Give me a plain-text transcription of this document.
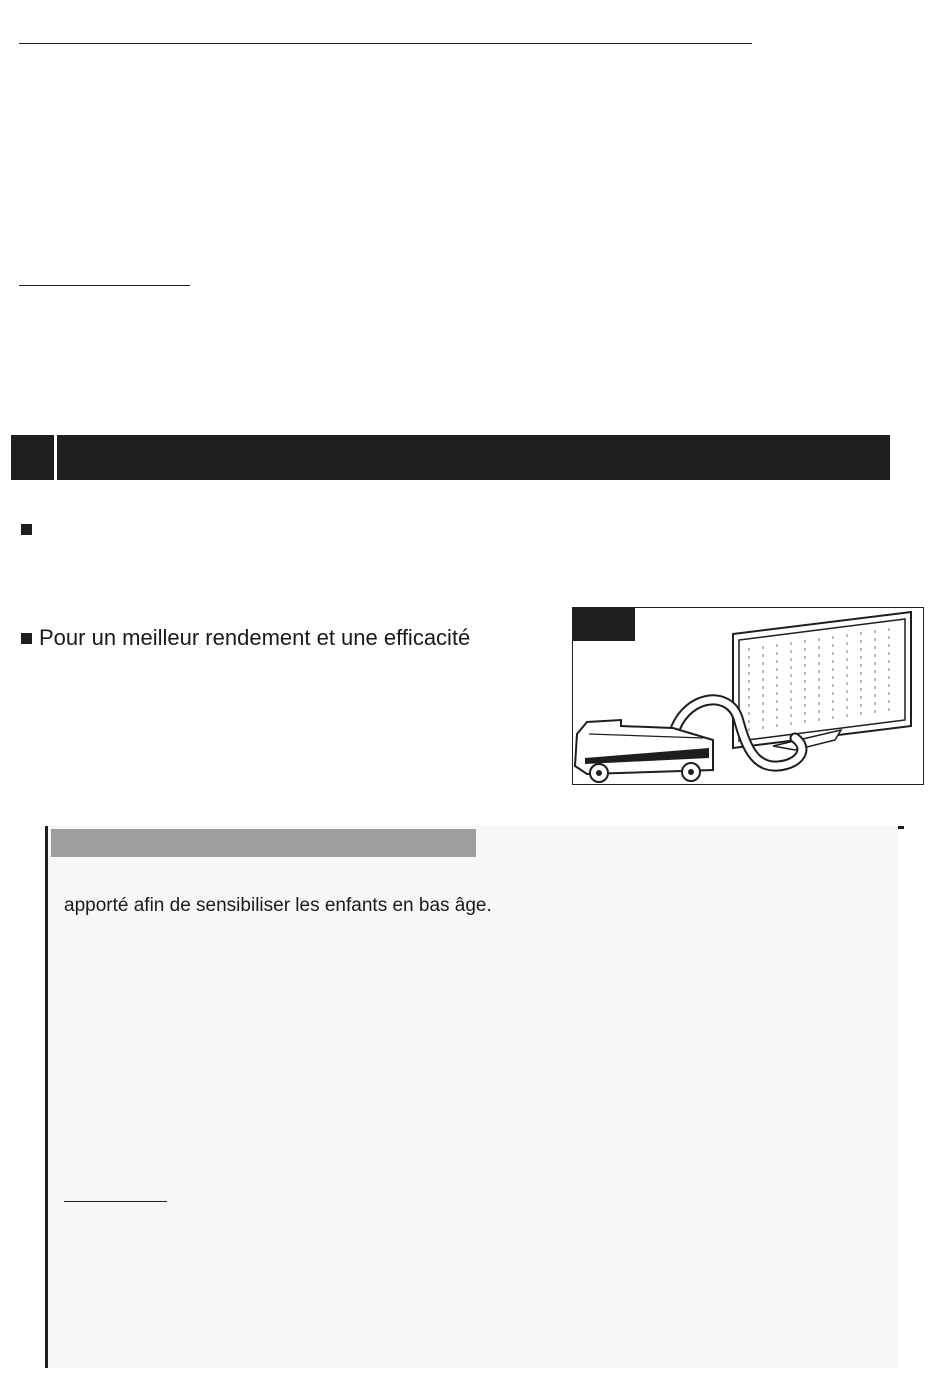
Pour un meilleur rendement et une efficacité
apporté afin de sensibiliser les enfants en bas âge.
